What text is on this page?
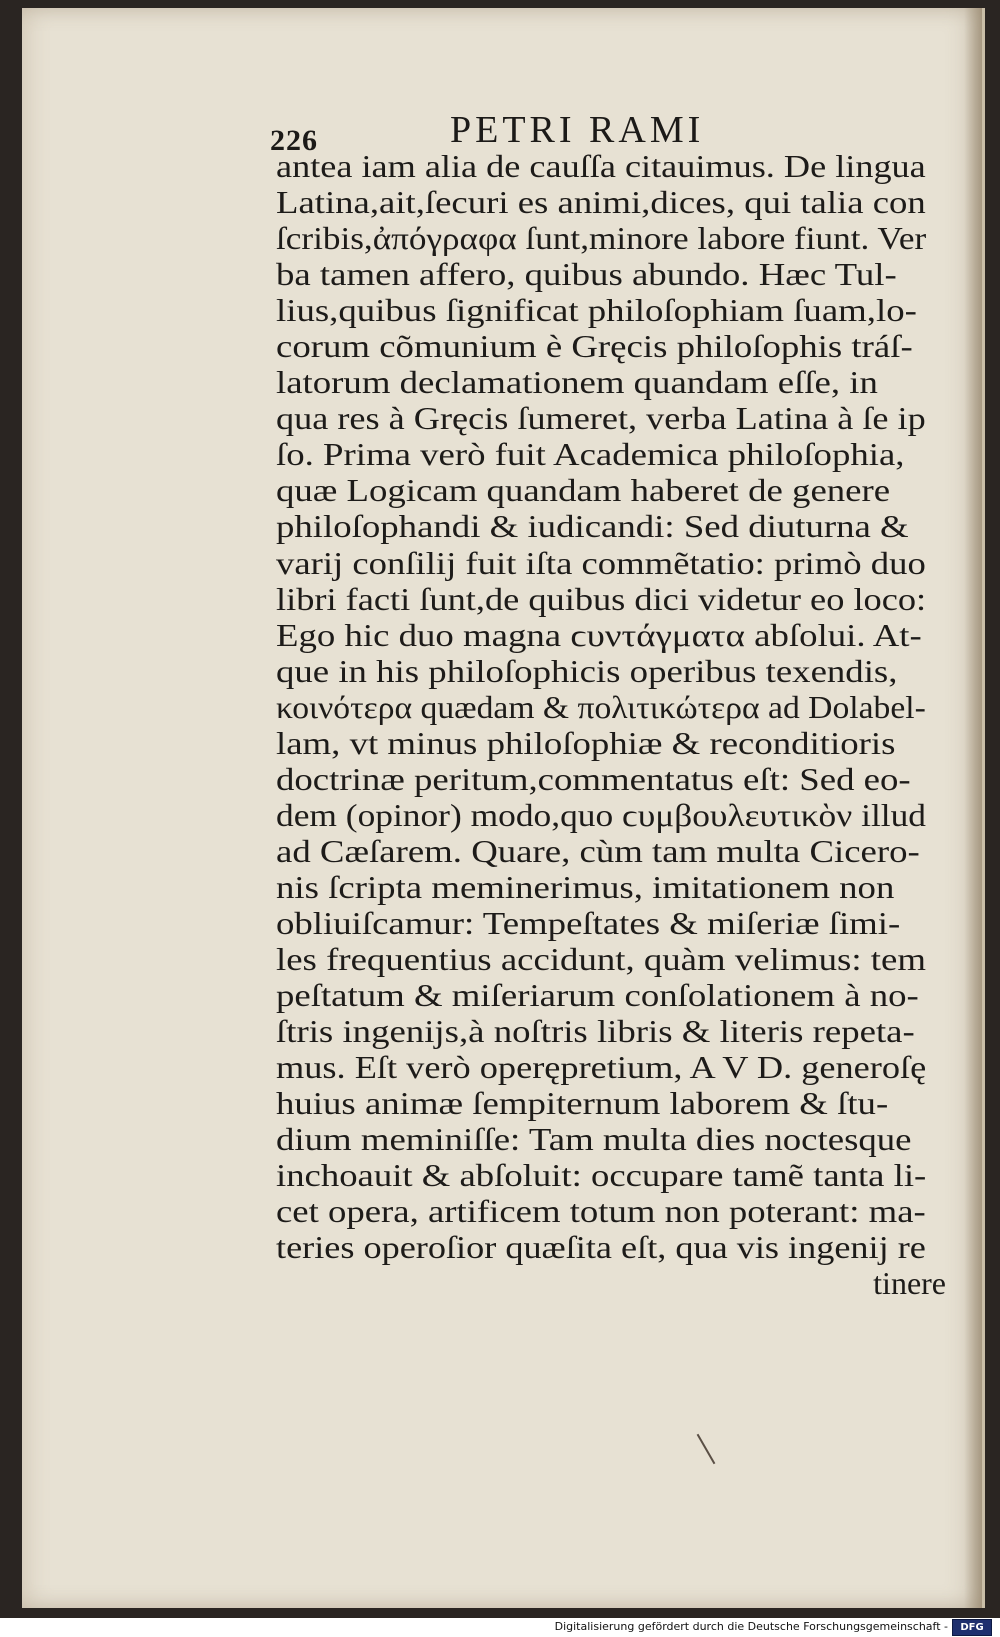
226	PETRI RAMI
antea iam alia de cauſſa citauimus. De lingua
Latina,ait,ſecuri es animi,dices, qui talia con
ſcribis,ἀπόγραφα ſunt,minore labore fiunt. Ver
ba tamen affero, quibus abundo. Hæc Tul-
lius,quibus ſignificat philoſophiam ſuam,lo-
corum cõmunium è Gręcis philoſophis tráſ-
latorum declamationem quandam eſſe, in
qua res à Gręcis ſumeret, verba Latina à ſe ip
ſo. Prima verò fuit Academica philoſophia,
quæ Logicam quandam haberet de genere
philoſophandi & iudicandi: Sed diuturna &
varij conſilij fuit iſta commẽtatio: primò duo
libri facti ſunt,de quibus dici videtur eo loco:
Ego hic duo magna ϲυντάγματα abſolui. At-
que in his philoſophicis operibus texendis,
κοινότερα quædam & πολιτικώτερα ad Dolabel-
lam, vt minus philoſophiæ & reconditioris
doctrinæ peritum,commentatus eſt: Sed eo-
dem (opinor) modo,quo ϲυμβουλευτικὸν illud
ad Cæſarem. Quare, cùm tam multa Cicero-
nis ſcripta meminerimus, imitationem non
obliuiſcamur: Tempeſtates & miſeriæ ſimi-
les frequentius accidunt, quàm velimus: tem
peſtatum & miſeriarum conſolationem à no-
ſtris ingenijs,à noſtris libris & literis repeta-
mus. Eſt verò operępretium, A V D. generoſę
huius animæ ſempiternum laborem & ſtu-
dium meminiſſe: Tam multa dies noctesque
inchoauit & abſoluit: occupare tamẽ tanta li-
cet opera, artificem totum non poterant: ma-
teries operoſior quæſita eſt, qua vis ingenij re
tinere
Digitalisierung gefördert durch die Deutsche Forschungsgemeinschaft -	DFG
